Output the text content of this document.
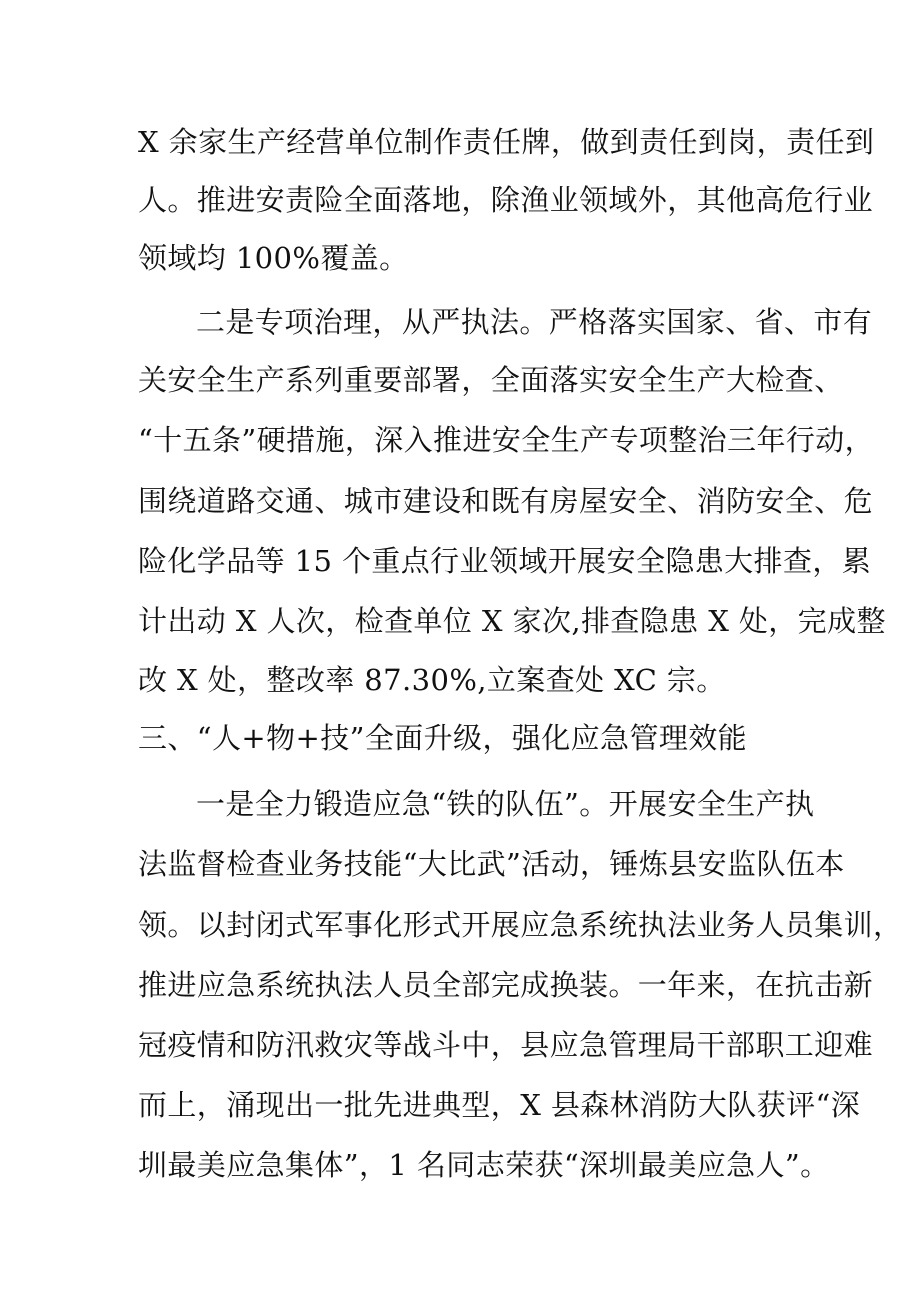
X 余家生产经营单位制作责任牌，做到责任到岗，责任到
人。推进安责险全面落地，除渔业领域外，其他高危行业
领域均 100%覆盖。
二是专项治理，从严执法。严格落实国家、省、市有
关安全生产系列重要部署，全面落实安全生产大检查、
“十五条”硬措施，深入推进安全生产专项整治三年行动，
围绕道路交通、城市建设和既有房屋安全、消防安全、危
险化学品等 15 个重点行业领域开展安全隐患大排查，累
计出动 X 人次，检查单位 X 家次,排查隐患 X 处，完成整
改 X 处，整改率 87.30%,立案查处 XC 宗。
三、“人+物+技”全面升级，强化应急管理效能
一是全力锻造应急“铁的队伍”。开展安全生产执
法监督检查业务技能“大比武”活动，锤炼县安监队伍本
领。以封闭式军事化形式开展应急系统执法业务人员集训，
推进应急系统执法人员全部完成换装。一年来，在抗击新
冠疫情和防汛救灾等战斗中，县应急管理局干部职工迎难
而上，涌现出一批先进典型，X 县森林消防大队获评“深
圳最美应急集体”，1 名同志荣获“深圳最美应急人”。
